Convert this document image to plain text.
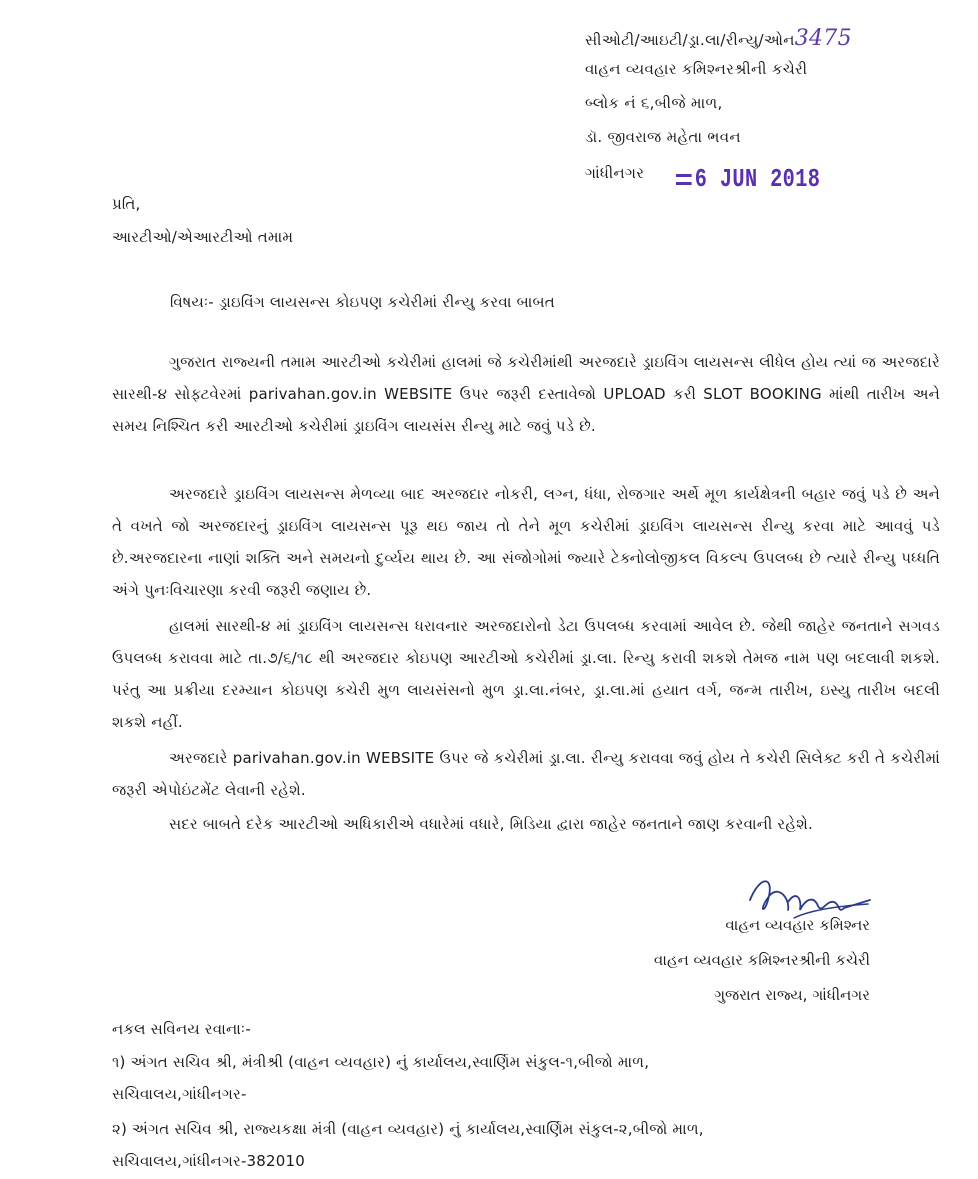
સીઓટી/આઇટી/ડ્રા.લા/રીન્યુ/ઓન3475
વાહન વ્યવહાર કમિશ્નરશ્રીની કચેરી
બ્લોક નં ૬,બીજે માળ,
ડૉ. જીવરાજ મહેતા ભવન
ગાંધીનગર	6 JUN 2018
પ્રતિ,
આરટીઓ/એઆરટીઓ તમામ
વિષયઃ- ડ્રાઇવિંગ લાયસન્સ કોઇપણ કચેરીમાં રીન્યુ કરવા બાબત
ગુજરાત રાજ્યની તમામ આરટીઓ કચેરીમાં હાલમાં જે કચેરીમાંથી અરજદારે ડ્રાઇવિંગ લાયસન્સ લીધેલ હોય ત્યાં જ અરજદારે સારથી-૪ સોફ્ટવેરમાં parivahan.gov.in WEBSITE ઉપર જરૂરી દસ્તાવેજો UPLOAD કરી SLOT BOOKING માંથી તારીખ અને સમય નિશ્ચિત કરી આરટીઓ કચેરીમાં ડ્રાઇવિંગ લાયસંસ રીન્યુ માટે જવું પડે છે.
અરજદારે ડ્રાઇવિંગ લાયસન્સ મેળવ્યા બાદ અરજદાર નોકરી, લગ્ન, ધંધા, રોજગાર અર્થે મૂળ કાર્યક્ષેત્રની બહાર જવું પડે છે અને તે વખતે જો અરજદારનું ડ્રાઇવિંગ લાયસન્સ પૂરૂ થઇ જાય તો તેને મૂળ કચેરીમાં ડ્રાઇવિંગ લાયસન્સ રીન્યુ કરવા માટે આવવું પડે છે.અરજદારના નાણાં શક્તિ અને સમયનો દુર્વ્યય થાય છે. આ સંજોગોમાં જ્યારે ટેક્નોલોજીકલ વિકલ્પ ઉપલબ્ધ છે ત્યારે રીન્યુ પધ્ધતિ અંગે પુનઃવિચારણા કરવી જરૂરી જણાય છે.
હાલમાં સારથી-૪ માં ડ્રાઇવિંગ લાયસન્સ ધરાવનાર અરજદારોનો ડેટા ઉપલબ્ધ કરવામાં આવેલ છે. જેથી જાહેર જનતાને સગવડ ઉપલબ્ધ કરાવવા માટે તા.૭/૬/૧૮ થી અરજદાર કોઇપણ આરટીઓ કચેરીમાં ડ્રા.લા. રિન્યુ કરાવી શકશે તેમજ નામ પણ બદલાવી શકશે. પરંતુ આ પ્રક્રીયા દરમ્યાન કોઇપણ કચેરી મુળ લાયસંસનો મુળ ડ્રા.લા.નંબર, ડ્રા.લા.માં હયાત વર્ગ, જન્મ તારીખ, ઇસ્યુ તારીખ બદલી શકશે નહીં.
અરજદારે parivahan.gov.in WEBSITE ઉપર જે કચેરીમાં ડ્રા.લા. રીન્યુ કરાવવા જવું હોય તે કચેરી સિલેક્ટ કરી તે કચેરીમાં જરૂરી એપોઇંટમેંટ લેવાની રહેશે.
સદર બાબતે દરેક આરટીઓ અધિકારીએ વધારેમાં વધારે, મિડિયા દ્વારા જાહેર જનતાને જાણ કરવાની રહેશે.
વાહન વ્યવહાર કમિશ્નર
વાહન વ્યવહાર કમિશ્નરશ્રીની કચેરી
ગુજરાત રાજ્ય, ગાંધીનગર
નકલ સવિનય રવાનાઃ-
૧) અંગત સચિવ શ્રી, મંત્રીશ્રી (વાહન વ્યવહાર) નું કાર્યાલય,સ્વાર્ણિમ સંકુલ-૧,બીજો માળ,
સચિવાલય,ગાંધીનગર-
૨) અંગત સચિવ શ્રી, રાજ્યકક્ષા મંત્રી (વાહન વ્યવહાર) નું કાર્યાલય,સ્વાર્ણિમ સંકુલ-૨,બીજો માળ,
સચિવાલય,ગાંધીનગર-382010
